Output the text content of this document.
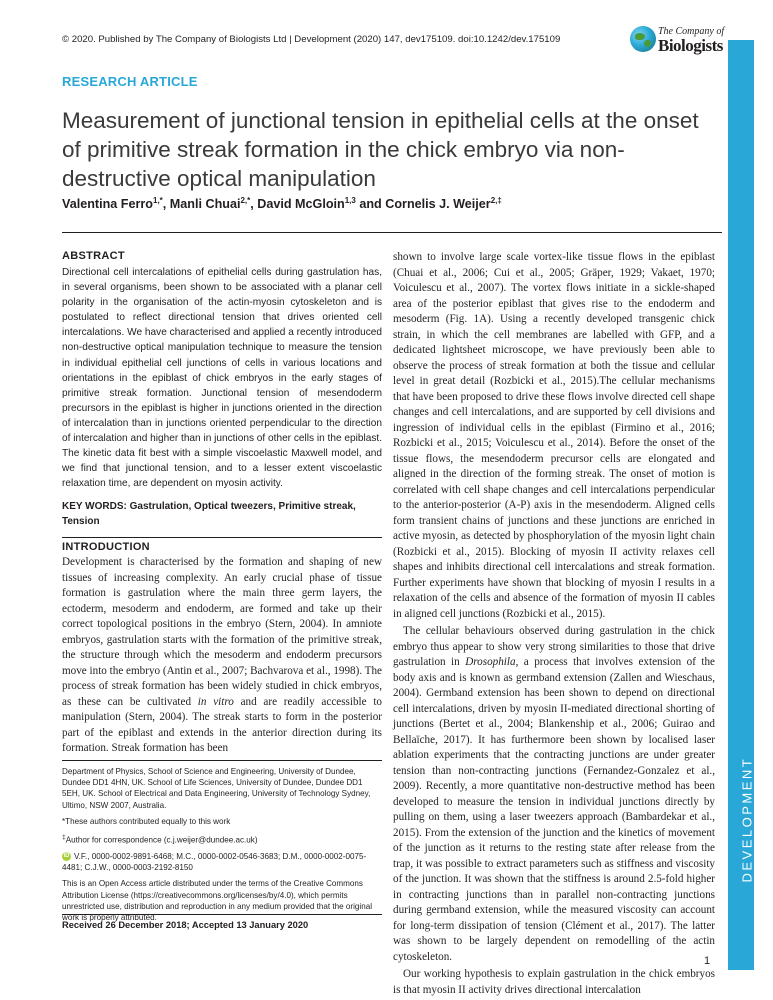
© 2020. Published by The Company of Biologists Ltd | Development (2020) 147, dev175109. doi:10.1242/dev.175109
The Company of
Biologists
DEVELOPMENT
RESEARCH ARTICLE
Measurement of junctional tension in epithelial cells at the onset of primitive streak formation in the chick embryo via non-destructive optical manipulation
Valentina Ferro$^{1,*}$, Manli Chuai$^{2,*}$, David McGloin$^{1,3}$ and Cornelis J. Weijer$^{2,\ddagger}$

ABSTRACT

Directional cell intercalations of epithelial cells during gastrulation has, in several organisms, been shown to be associated with a planar cell polarity in the organisation of the actin-myosin cytoskeleton and is postulated to reflect directional tension that drives oriented cell intercalations. We have characterised and applied a recently introduced non-destructive optical manipulation technique to measure the tension in individual epithelial cell junctions of cells in various locations and orientations in the epiblast of chick embryos in the early stages of primitive streak formation. Junctional tension of mesendoderm precursors in the epiblast is higher in junctions oriented in the direction of intercalation than in junctions oriented perpendicular to the direction of intercalation and higher than in junctions of other cells in the epiblast. The kinetic data fit best with a simple viscoelastic Maxwell model, and we find that junctional tension, and to a lesser extent viscoelastic relaxation time, are dependent on myosin activity.

KEY WORDS: Gastrulation, Optical tweezers, Primitive streak, Tension

INTRODUCTION

Development is characterised by the formation and shaping of new tissues of increasing complexity. An early crucial phase of tissue formation is gastrulation where the main three germ layers, the ectoderm, mesoderm and endoderm, are formed and take up their correct topological positions in the embryo (Stern, 2004). In amniote embryos, gastrulation starts with the formation of the primitive streak, the structure through which the mesoderm and endoderm precursors move into the embryo (Antin et al., 2007; Bachvarova et al., 1998). The process of streak formation has been widely studied in chick embryos, as these can be cultivated in vitro and are readily accessible to manipulation (Stern, 2004). The streak starts to form in the posterior part of the epiblast and extends in the anterior direction during its formation. Streak formation has been

Department of Physics, School of Science and Engineering, University of Dundee, Dundee DD1 4HN, UK. School of Life Sciences, University of Dundee, Dundee DD1 5EH, UK. School of Electrical and Data Engineering, University of Technology Sydney, Ultimo, NSW 2007, Australia.

*These authors contributed equally to this work

‡Author for correspondence (c.j.weijer@dundee.ac.uk)

iD V.F., 0000-0002-9891-6468; M.C., 0000-0002-0546-3683; D.M., 0000-0002-0075-4481; C.J.W., 0000-0003-2192-8150

This is an Open Access article distributed under the terms of the Creative Commons Attribution License (https://creativecommons.org/licenses/by/4.0), which permits unrestricted use, distribution and reproduction in any medium provided that the original work is properly attributed.

Received 26 December 2018; Accepted 13 January 2020

shown to involve large scale vortex-like tissue flows in the epiblast (Chuai et al., 2006; Cui et al., 2005; Gräper, 1929; Vakaet, 1970; Voiculescu et al., 2007). The vortex flows initiate in a sickle-shaped area of the posterior epiblast that gives rise to the endoderm and mesoderm (Fig. 1A). Using a recently developed transgenic chick strain, in which the cell membranes are labelled with GFP, and a dedicated lightsheet microscope, we have previously been able to observe the process of streak formation at both the tissue and cellular level in great detail (Rozbicki et al., 2015).The cellular mechanisms that have been proposed to drive these flows involve directed cell shape changes and cell intercalations, and are supported by cell divisions and ingression of individual cells in the epiblast (Firmino et al., 2016; Rozbicki et al., 2015; Voiculescu et al., 2014). Before the onset of the tissue flows, the mesendoderm precursor cells are elongated and aligned in the direction of the forming streak. The onset of motion is correlated with cell shape changes and cell intercalations perpendicular to the anterior-posterior (A-P) axis in the mesendoderm. Aligned cells form transient chains of junctions and these junctions are enriched in active myosin, as detected by phosphorylation of the myosin light chain (Rozbicki et al., 2015). Blocking of myosin II activity relaxes cell shapes and inhibits directional cell intercalations and streak formation. Further experiments have shown that blocking of myosin I results in a relaxation of the cells and absence of the formation of myosin II cables in aligned cell junctions (Rozbicki et al., 2015).

The cellular behaviours observed during gastrulation in the chick embryo thus appear to show very strong similarities to those that drive gastrulation in Drosophila, a process that involves extension of the body axis and is known as germband extension (Zallen and Wieschaus, 2004). Germband extension has been shown to depend on directional cell intercalations, driven by myosin II-mediated directional shorting of junctions (Bertet et al., 2004; Blankenship et al., 2006; Guirao and Bellaïche, 2017). It has furthermore been shown by localised laser ablation experiments that the contracting junctions are under greater tension than non-contracting junctions (Fernandez-Gonzalez et al., 2009). Recently, a more quantitative non-destructive method has been developed to measure the tension in individual junctions directly by pulling on them, using a laser tweezers approach (Bambardekar et al., 2015). From the extension of the junction and the kinetics of movement of the junction as it returns to the resting state after release from the trap, it was possible to extract parameters such as stiffness and viscosity of the junction. It was shown that the stiffness is around 2.5-fold higher in contracting junctions than in parallel non-contracting junctions during germband extension, while the measured viscosity can account for long-term dissipation of tension (Clément et al., 2017). The latter was shown to be largely dependent on remodelling of the actin cytoskeleton.

Our working hypothesis to explain gastrulation in the chick embryos is that myosin II activity drives directional intercalation

1
